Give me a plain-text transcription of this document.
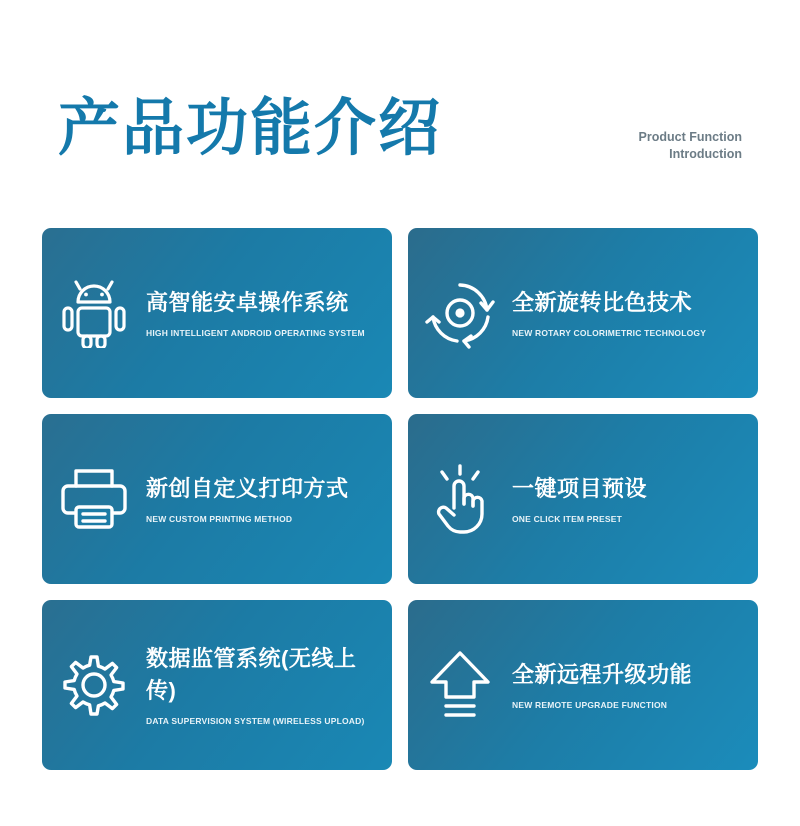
产品功能介绍	Product Function
Introduction
高智能安卓操作系统
HIGH INTELLIGENT ANDROID OPERATING SYSTEM
全新旋转比色技术
NEW ROTARY COLORIMETRIC TECHNOLOGY
新创自定义打印方式
NEW CUSTOM PRINTING METHOD
一键项目预设
ONE CLICK ITEM PRESET
数据监管系统(无线上传)
DATA SUPERVISION SYSTEM (WIRELESS UPLOAD)
全新远程升级功能
NEW REMOTE UPGRADE FUNCTION
